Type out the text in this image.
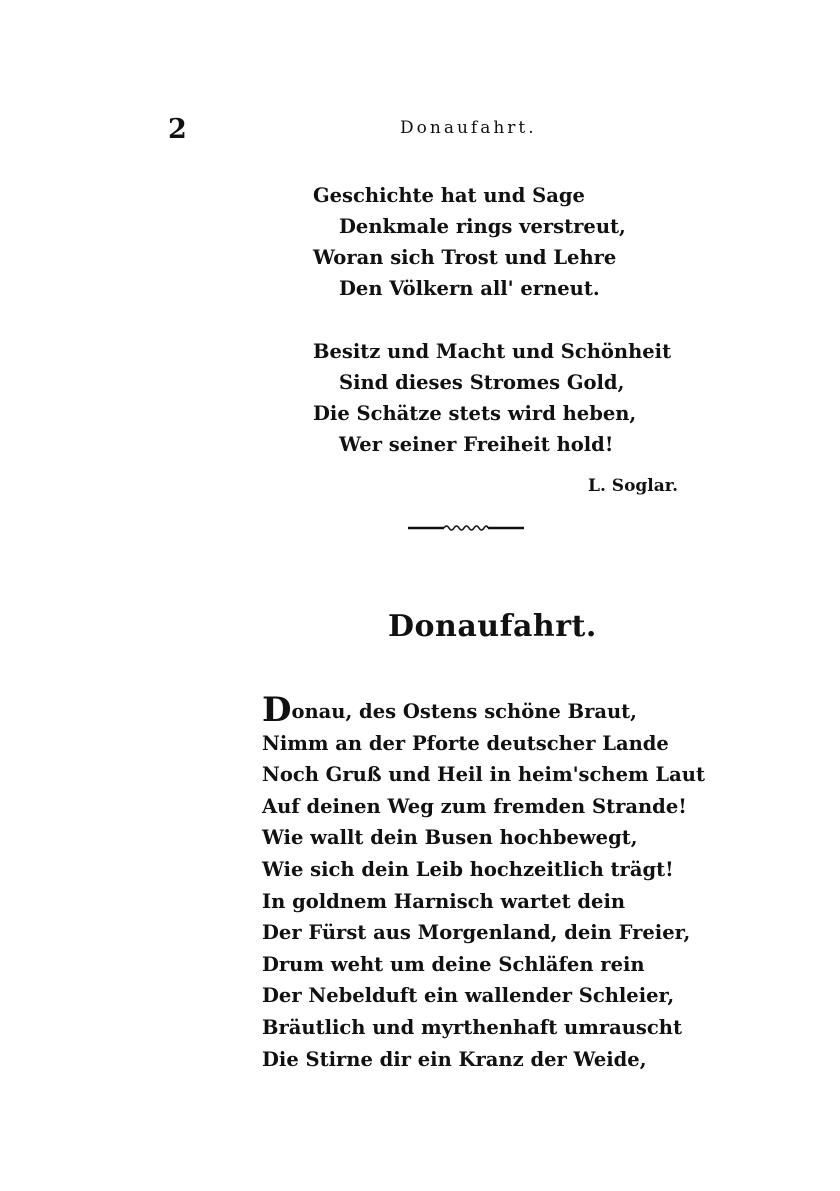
2	Donaufahrt.
Geschichte hat und Sage
Denkmale rings verstreut,
Woran sich Trost und Lehre
Den Völkern all' erneut.
Besitz und Macht und Schönheit
Sind dieses Stromes Gold,
Die Schätze stets wird heben,
Wer seiner Freiheit hold!
L. Soglar.
Donaufahrt.
Donau, des Ostens schöne Braut,
Nimm an der Pforte deutscher Lande
Noch Gruß und Heil in heim'schem Laut
Auf deinen Weg zum fremden Strande!
Wie wallt dein Busen hochbewegt,
Wie sich dein Leib hochzeitlich trägt!
In goldnem Harnisch wartet dein
Der Fürst aus Morgenland, dein Freier,
Drum weht um deine Schläfen rein
Der Nebelduft ein wallender Schleier,
Bräutlich und myrthenhaft umrauscht
Die Stirne dir ein Kranz der Weide,
